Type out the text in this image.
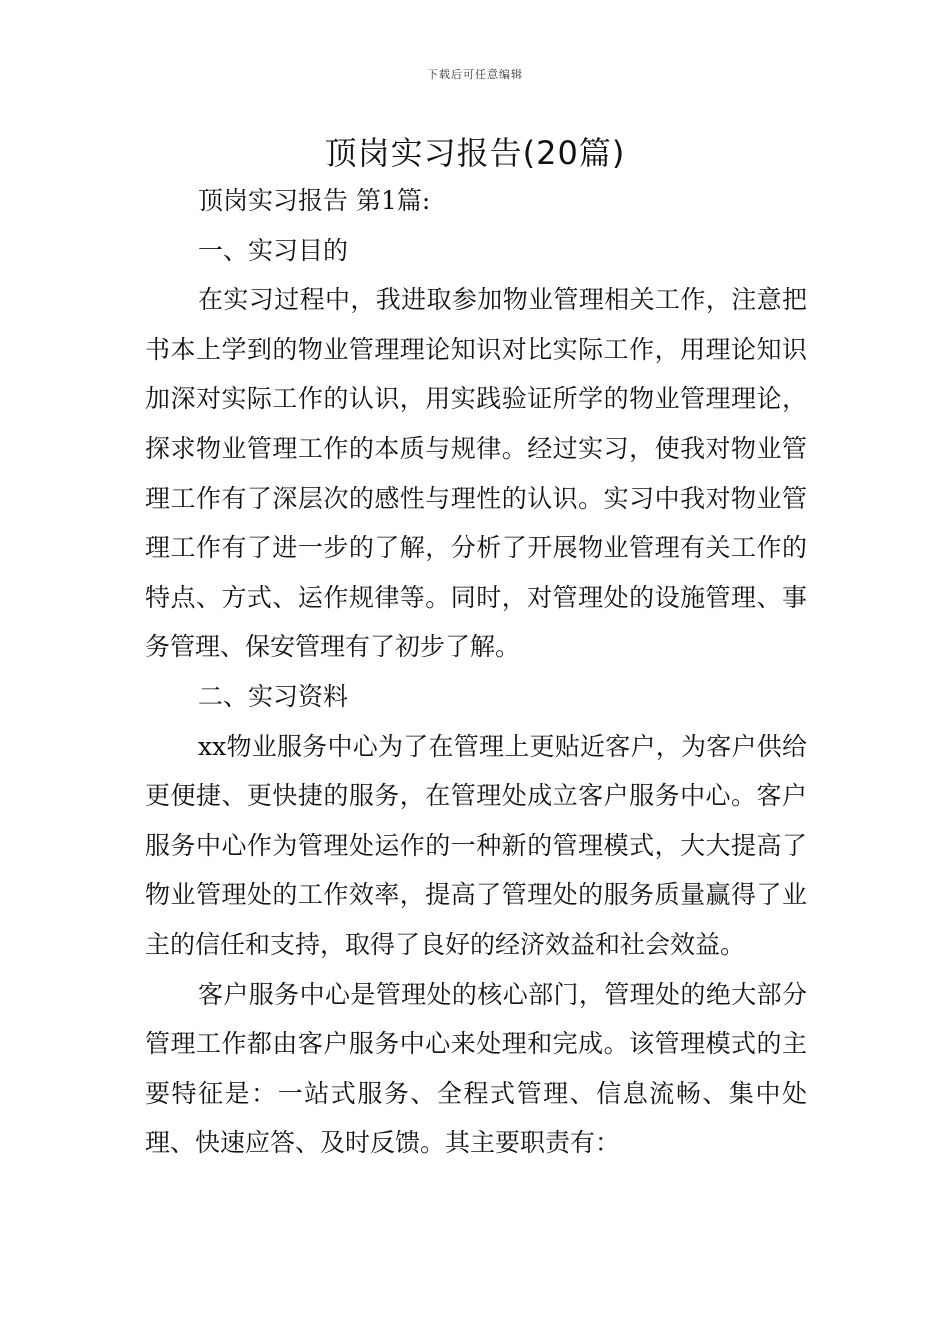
下载后可任意编辑
顶岗实习报告(20篇)

顶岗实习报告 第1篇:

一、实习目的

在实习过程中，我进取参加物业管理相关工作，注意把书本上学到的物业管理理论知识对比实际工作，用理论知识加深对实际工作的认识，用实践验证所学的物业管理理论，探求物业管理工作的本质与规律。经过实习，使我对物业管理工作有了深层次的感性与理性的认识。实习中我对物业管理工作有了进一步的了解，分析了开展物业管理有关工作的特点、方式、运作规律等。同时，对管理处的设施管理、事务管理、保安管理有了初步了解。

二、实习资料

xx物业服务中心为了在管理上更贴近客户，为客户供给更便捷、更快捷的服务，在管理处成立客户服务中心。客户服务中心作为管理处运作的一种新的管理模式，大大提高了物业管理处的工作效率，提高了管理处的服务质量赢得了业主的信任和支持，取得了良好的经济效益和社会效益。

客户服务中心是管理处的核心部门，管理处的绝大部分管理工作都由客户服务中心来处理和完成。该管理模式的主要特征是：一站式服务、全程式管理、信息流畅、集中处理、快速应答、及时反馈。其主要职责有：
